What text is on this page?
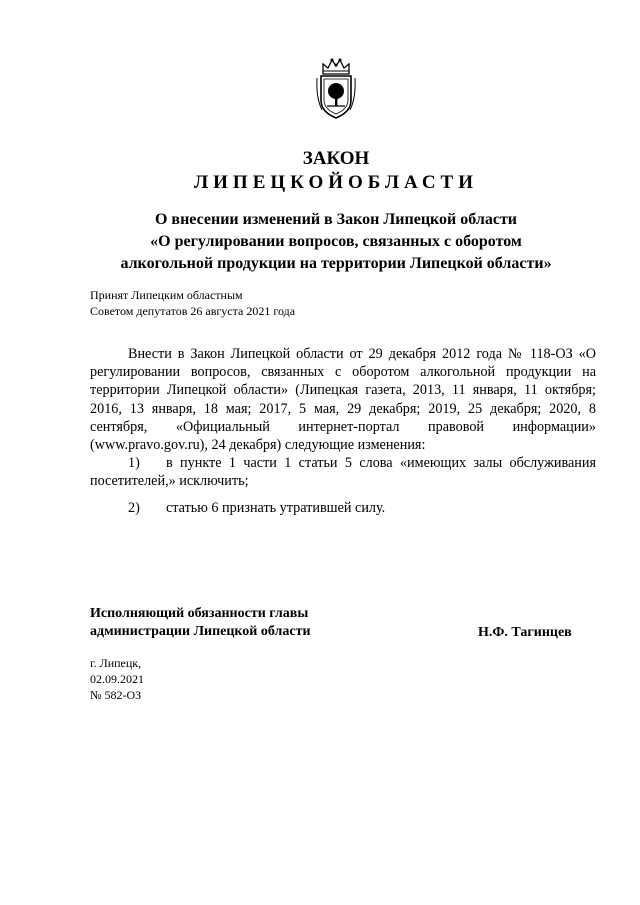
ЗАКОН
ЛИПЕЦКОЙОБЛАСТИ
О внесении изменений в Закон Липецкой области
«О регулировании вопросов, связанных с оборотом
алкогольной продукции на территории Липецкой области»
Принят Липецким областным
Советом депутатов 26 августа 2021 года

Внести в Закон Липецкой области от 29 декабря 2012 года № 118-ОЗ «О регулировании вопросов, связанных с оборотом алкогольной продукции на территории Липецкой области» (Липецкая газета, 2013, 11 января, 11 октября; 2016, 13 января, 18 мая; 2017, 5 мая, 29 декабря; 2019, 25 декабря; 2020, 8 сентября, «Официальный интернет-портал правовой информации» (www.pravo.gov.ru), 24 декабря) следующие изменения:

1) в пункте 1 части 1 статьи 5 слова «имеющих залы обслуживания посетителей,» исключить;

2) статью 6 признать утратившей силу.

Исполняющий обязанности главы
администрации Липецкой области	Н.Ф. Тагинцев
г. Липецк,
02.09.2021
№ 582-ОЗ
